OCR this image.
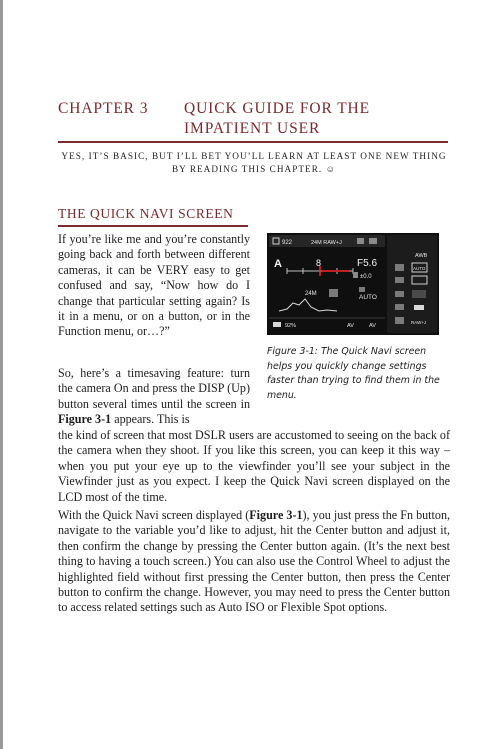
CHAPTER 3 QUICK GUIDE FOR THE IMPATIENT USER
YES, IT’S BASIC, BUT I’LL BET YOU’LL LEARN AT LEAST ONE NEW THING BY READING THIS CHAPTER. ☺
THE QUICK NAVI SCREEN

If you’re like me and you’re constantly going back and forth between different cameras, it can be VERY easy to get confused and say, “Now how do I change that particular setting again? Is it in a menu, or on a button, or in the Function menu, or…?”

So, here’s a timesaving feature: turn the camera On and press the DISP (Up) button several times until the screen in Figure 3-1 appears. This is

the kind of screen that most DSLR users are accustomed to seeing on the back of the camera when they shoot. If you like this screen, you can keep it this way – when you put your eye up to the viewfinder you’ll see your subject in the Viewfinder just as you expect. I keep the Quick Navi screen displayed on the LCD most of the time.

With the Quick Navi screen displayed (Figure 3-1), you just press the Fn button, navigate to the variable you’d like to adjust, hit the Center button and adjust it, then confirm the change by pressing the Center button again. (It’s the next best thing to having a touch screen.) You can also use the Control Wheel to adjust the highlighted field without first pressing the Center button, then press the Center button to confirm the change. However, you may need to press the Center button to access related settings such as Auto ISO or Flexible Spot options.

922	24M RAW+J
A	8	F5.6
±0.0
24M	AUTO
92%	AV	AV
AWB
AUTO
RAW+J
Figure 3-1: The Quick Navi screen helps you quickly change settings faster than trying to find them in the menu.
